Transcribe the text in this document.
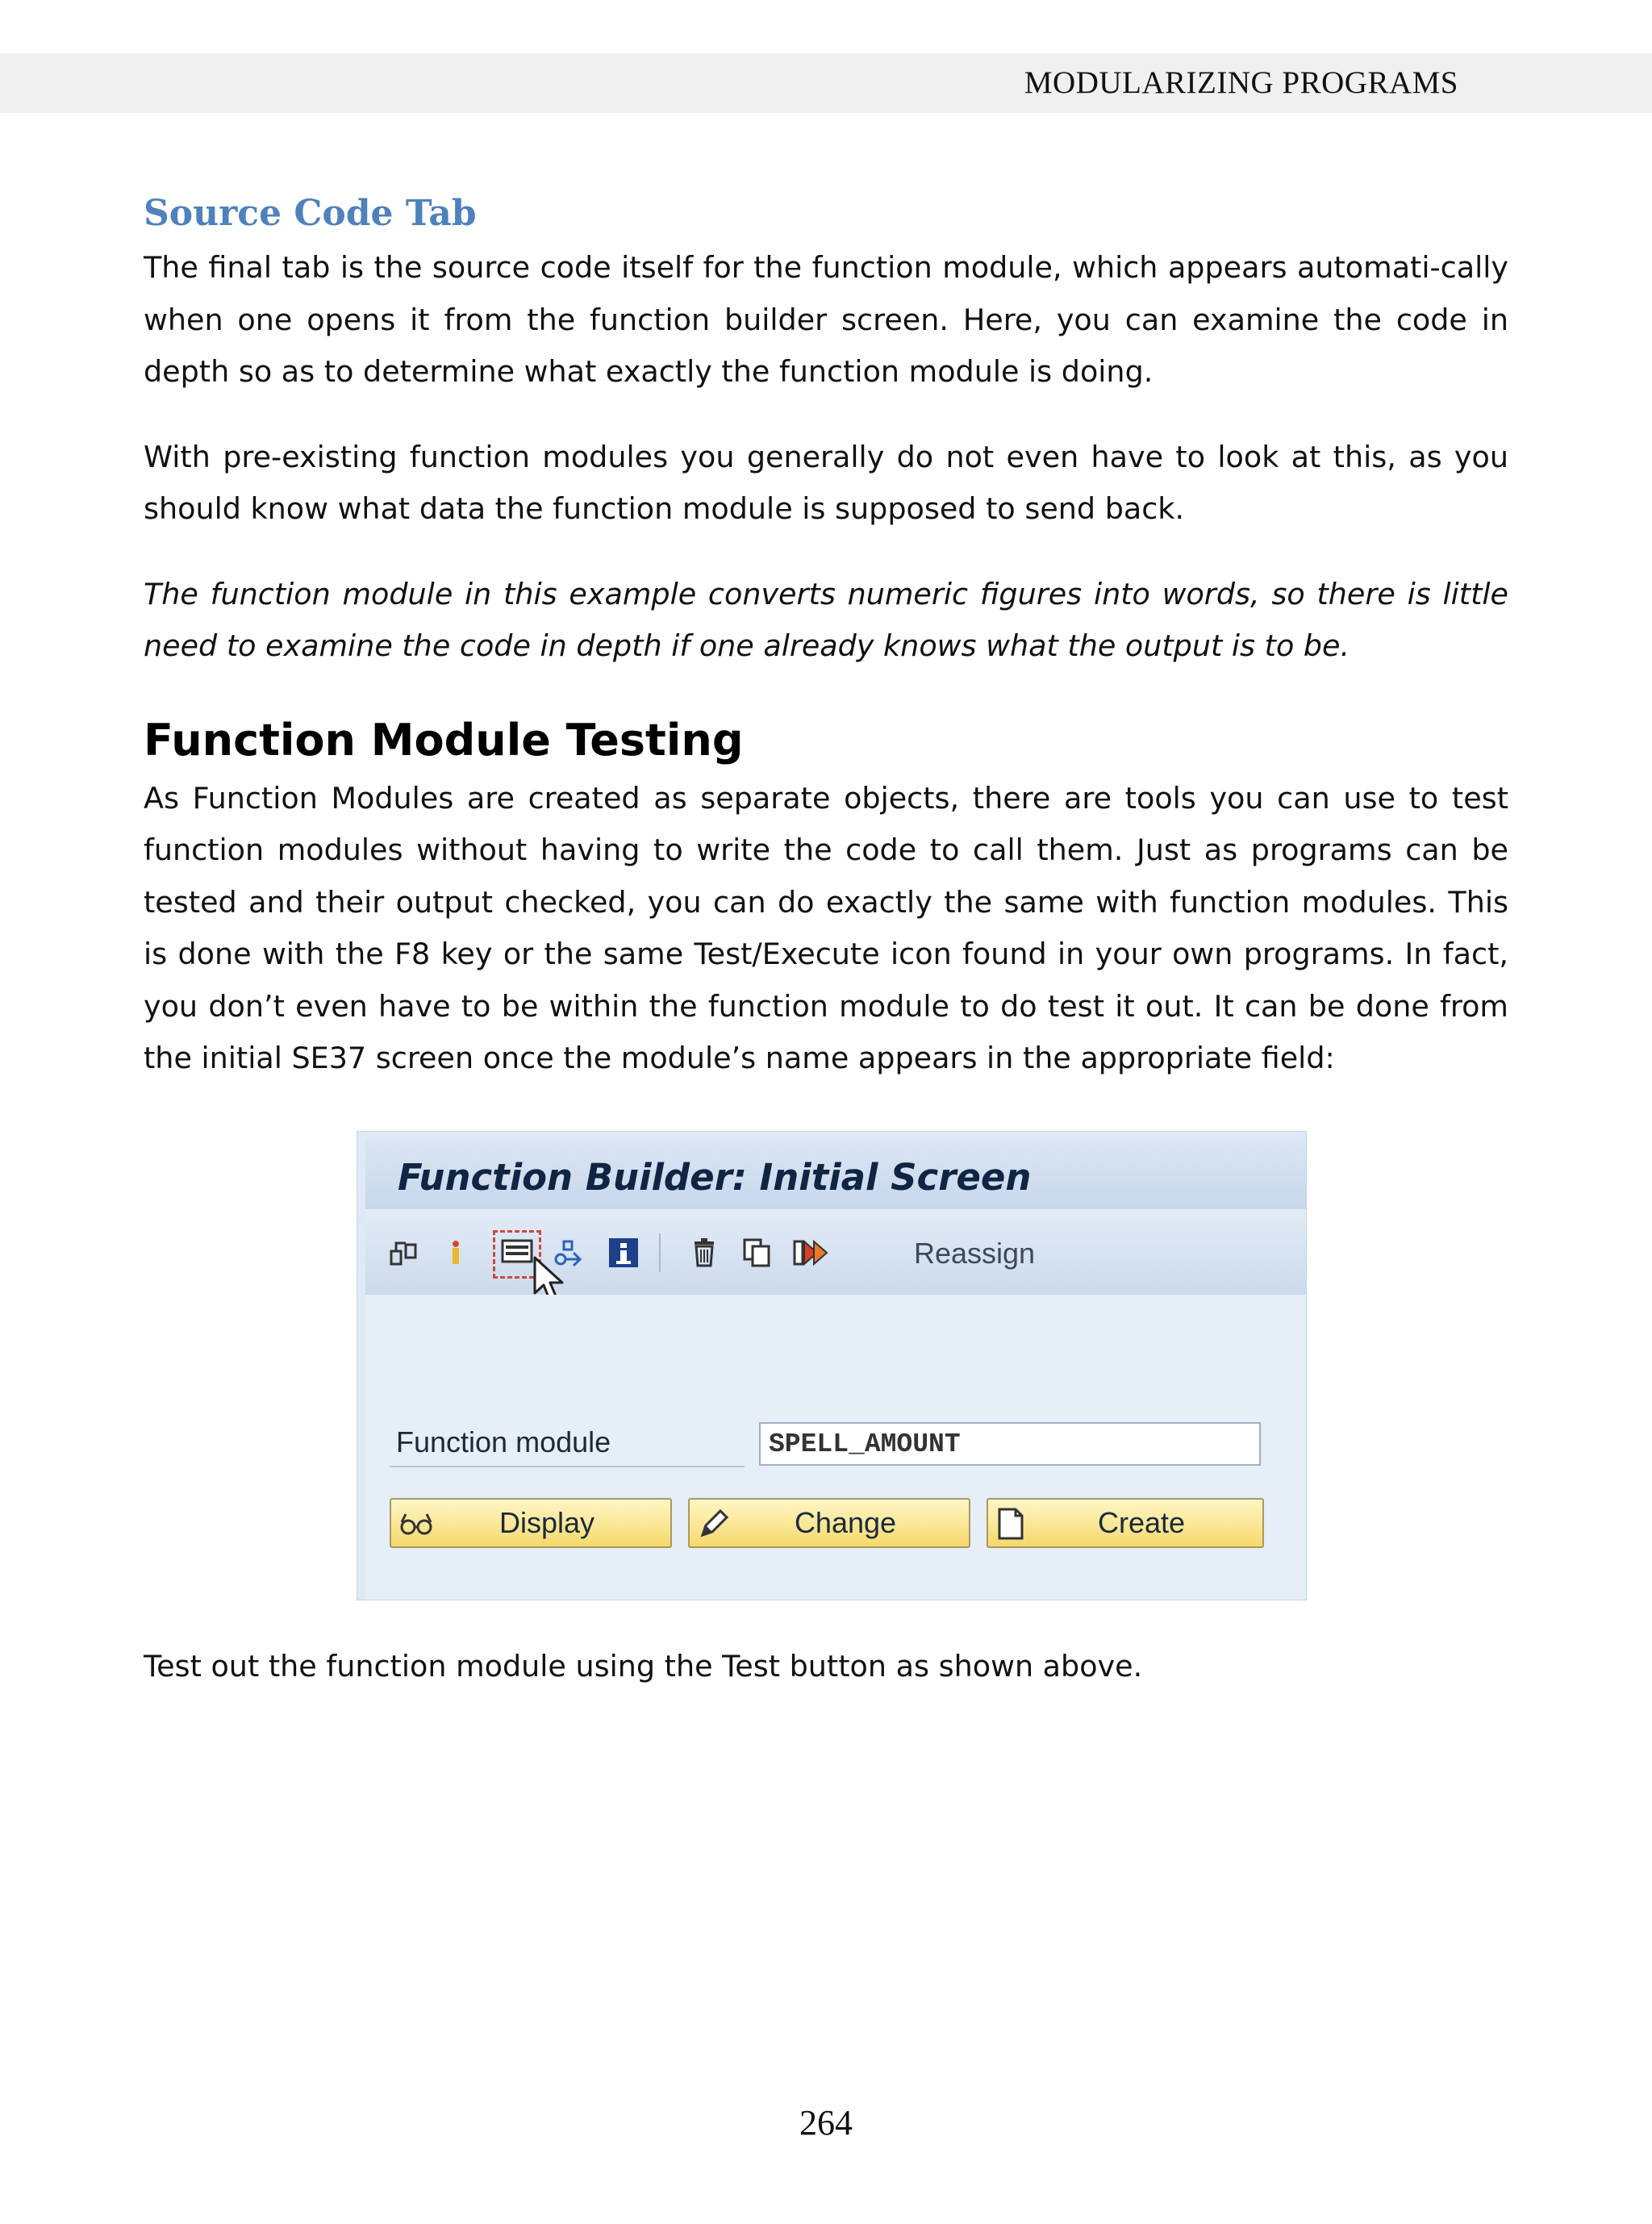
MODULARIZING PROGRAMS
Source Code Tab

The final tab is the source code itself for the function module, which appears automati-cally when one opens it from the function builder screen. Here, you can examine the code in depth so as to determine what exactly the function module is doing.

With pre-existing function modules you generally do not even have to look at this, as you should know what data the function module is supposed to send back.

The function module in this example converts numeric figures into words, so there is little need to examine the code in depth if one already knows what the output is to be.

Function Module Testing

As Function Modules are created as separate objects, there are tools you can use to test function modules without having to write the code to call them. Just as programs can be tested and their output checked, you can do exactly the same with function modules. This is done with the F8 key or the same Test/Execute icon found in your own programs. In fact, you don’t even have to be within the function module to do test it out. It can be done from the initial SE37 screen once the module’s name appears in the appropriate field:

Function Builder: Initial Screen
Reassign
Function module	SPELL_AMOUNT
Display	Change	Create
Test out the function module using the Test button as shown above.
264
